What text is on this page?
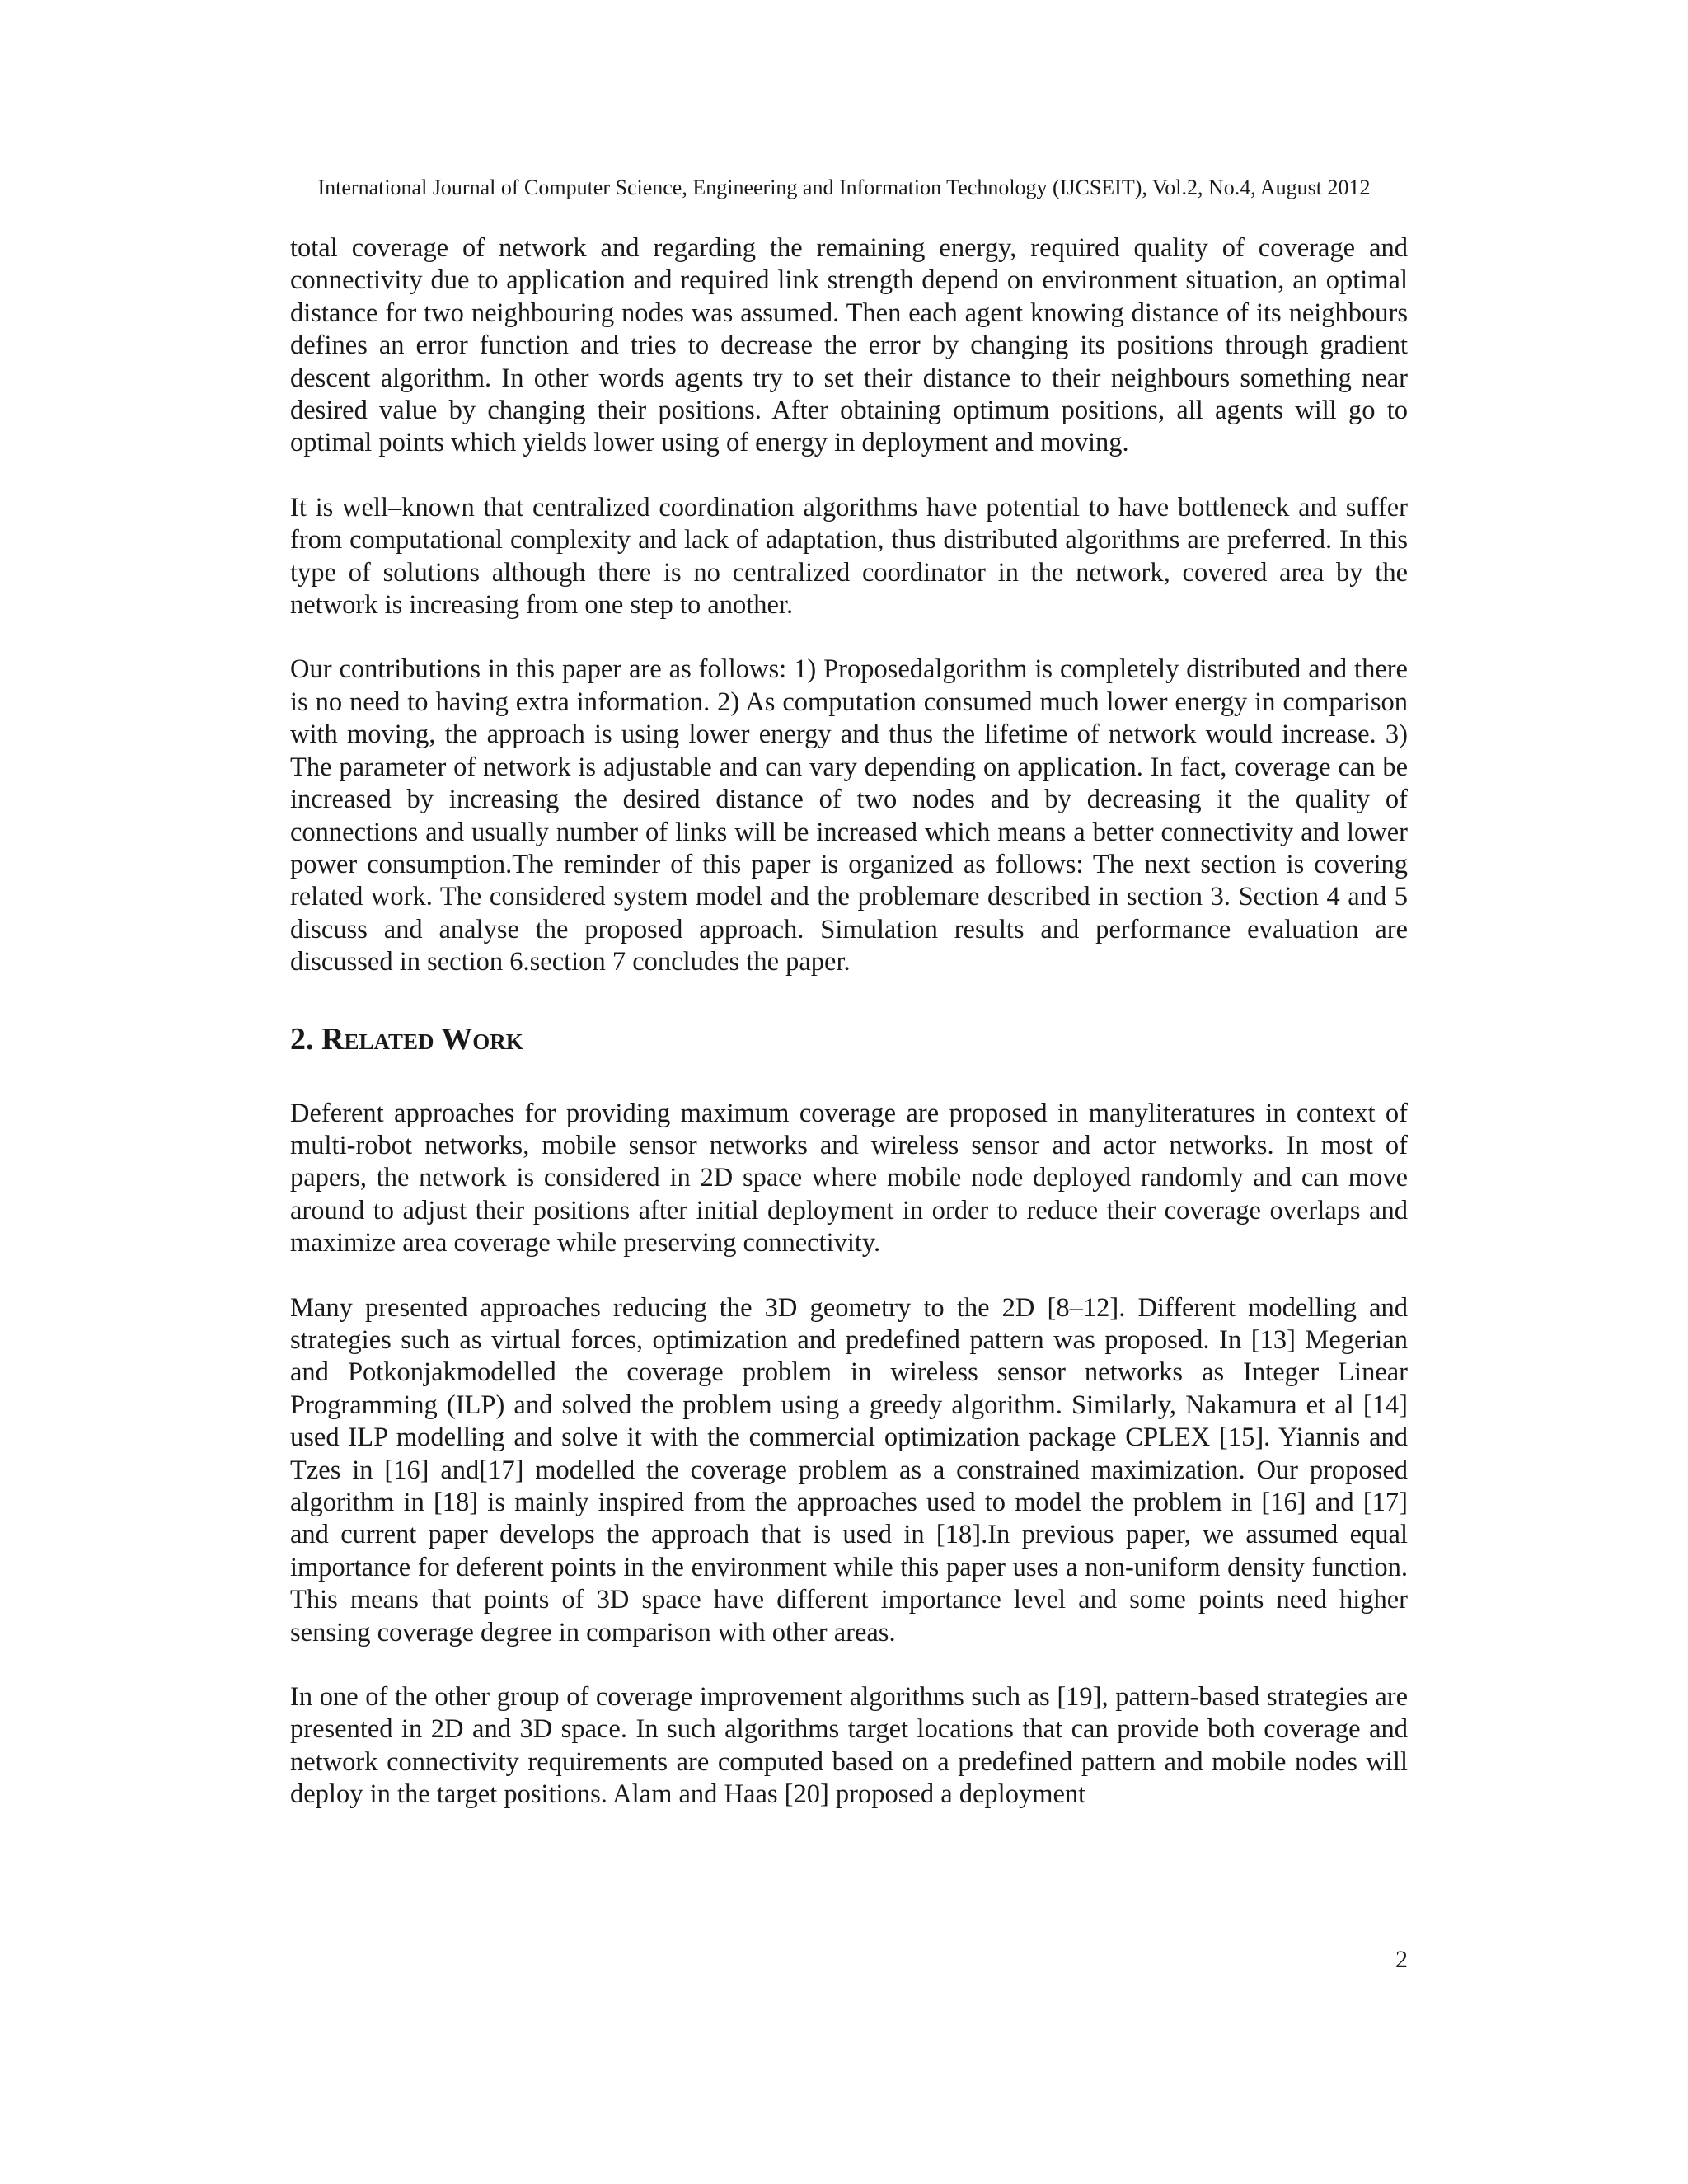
International Journal of Computer Science, Engineering and Information Technology (IJCSEIT), Vol.2, No.4, August 2012

total coverage of network and regarding the remaining energy, required quality of coverage and connectivity due to application and required link strength depend on environment situation, an optimal distance for two neighbouring nodes was assumed. Then each agent knowing distance of its neighbours defines an error function and tries to decrease the error by changing its positions through gradient descent algorithm. In other words agents try to set their distance to their neighbours something near desired value by changing their positions. After obtaining optimum positions, all agents will go to optimal points which yields lower using of energy in deployment and moving.

It is well–known that centralized coordination algorithms have potential to have bottleneck and suffer from computational complexity and lack of adaptation, thus distributed algorithms are preferred. In this type of solutions although there is no centralized coordinator in the network, covered area by the network is increasing from one step to another.

Our contributions in this paper are as follows: 1) Proposedalgorithm is completely distributed and there is no need to having extra information. 2) As computation consumed much lower energy in comparison with moving, the approach is using lower energy and thus the lifetime of network would increase. 3) The parameter of network is adjustable and can vary depending on application. In fact, coverage can be increased by increasing the desired distance of two nodes and by decreasing it the quality of connections and usually number of links will be increased which means a better connectivity and lower power consumption.The reminder of this paper is organized as follows: The next section is covering related work. The considered system model and the problemare described in section 3. Section 4 and 5 discuss and analyse the proposed approach. Simulation results and performance evaluation are discussed in section 6.section 7 concludes the paper.

2. Related Work

Deferent approaches for providing maximum coverage are proposed in manyliteratures in context of multi-robot networks, mobile sensor networks and wireless sensor and actor networks. In most of papers, the network is considered in 2D space where mobile node deployed randomly and can move around to adjust their positions after initial deployment in order to reduce their coverage overlaps and maximize area coverage while preserving connectivity.

Many presented approaches reducing the 3D geometry to the 2D [8–12]. Different modelling and strategies such as virtual forces, optimization and predefined pattern was proposed. In [13] Megerian and Potkonjakmodelled the coverage problem in wireless sensor networks as Integer Linear Programming (ILP) and solved the problem using a greedy algorithm. Similarly, Nakamura et al [14] used ILP modelling and solve it with the commercial optimization package CPLEX [15]. Yiannis and Tzes in [16] and[17] modelled the coverage problem as a constrained maximization. Our proposed algorithm in [18] is mainly inspired from the approaches used to model the problem in [16] and [17] and current paper develops the approach that is used in [18].In previous paper, we assumed equal importance for deferent points in the environment while this paper uses a non-uniform density function. This means that points of 3D space have different importance level and some points need higher sensing coverage degree in comparison with other areas.

In one of the other group of coverage improvement algorithms such as [19], pattern-based strategies are presented in 2D and 3D space. In such algorithms target locations that can provide both coverage and network connectivity requirements are computed based on a predefined pattern and mobile nodes will deploy in the target positions. Alam and Haas [20] proposed a deployment

2
